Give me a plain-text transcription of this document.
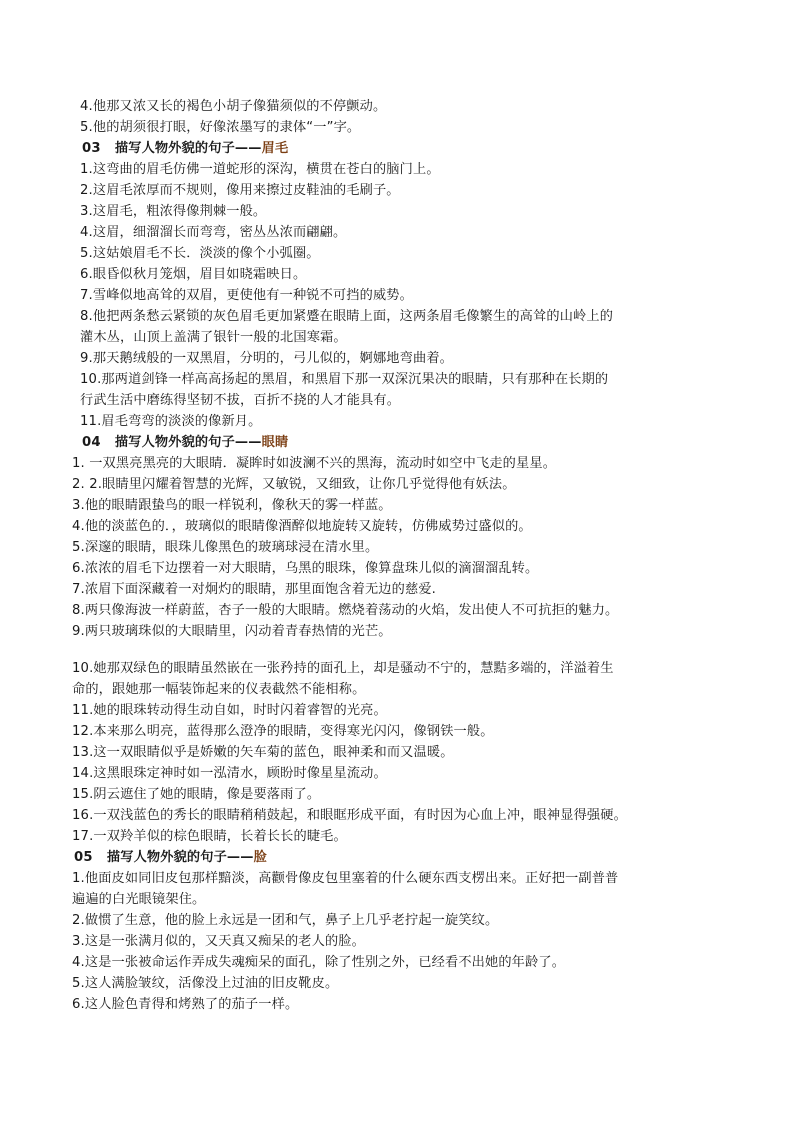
4.他那又浓又长的褐色小胡子像猫须似的不停颤动。
5.他的胡须很打眼，好像浓墨写的隶体“一”字。
03 描写人物外貌的句子——眉毛
1.这弯曲的眉毛仿佛一道蛇形的深沟，横贯在苍白的脑门上。
2.这眉毛浓厚而不规则，像用来擦过皮鞋油的毛刷子。
3.这眉毛，粗浓得像荆棘一般。
4.这眉，细溜溜长而弯弯，密丛丛浓而翩翩。
5.这姑娘眉毛不长．淡淡的像个小弧圈。
6.眼昏似秋月笼烟，眉目如晓霜映日。
7.雪峰似地高耸的双眉，更使他有一种锐不可挡的威势。
8.他把两条愁云紧锁的灰色眉毛更加紧蹙在眼睛上面，这两条眉毛像繁生的高耸的山岭上的
灌木丛，山顶上盖满了银针一般的北国寒霜。
9.那天鹅绒般的一双黑眉，分明的，弓儿似的，婀娜地弯曲着。
10.那两道剑锋一样高高扬起的黑眉，和黑眉下那一双深沉果决的眼睛，只有那种在长期的
行武生活中磨练得坚韧不拔，百折不挠的人才能具有。
11.眉毛弯弯的淡淡的像新月。
04 描写人物外貌的句子——眼睛
1. 一双黑亮黑亮的大眼睛．凝眸时如波澜不兴的黑海，流动时如空中飞走的星星。
2. 2.眼睛里闪耀着智慧的光辉，又敏锐，又细致，让你几乎觉得他有妖法。
3.他的眼睛跟蛰鸟的眼一样锐利，像秋天的雾一样蓝。
4.他的淡蓝色的．，玻璃似的眼睛像酒醉似地旋转又旋转，仿佛威势过盛似的。
5.深邃的眼睛，眼珠儿像黑色的玻璃球浸在清水里。
6.浓浓的眉毛下边摆着一对大眼睛，乌黑的眼珠，像算盘珠儿似的滴溜溜乱转。
7.浓眉下面深藏着一对炯灼的眼睛，那里面饱含着无边的慈爱.
8.两只像海波一样蔚蓝，杏子一般的大眼睛。燃烧着荡动的火焰，发出使人不可抗拒的魅力。
9.两只玻璃珠似的大眼睛里，闪动着青春热情的光芒。
10.她那双绿色的眼睛虽然嵌在一张矜持的面孔上，却是骚动不宁的，慧黠多端的，洋溢着生
命的，跟她那一幅装饰起来的仪表截然不能相称。
11.她的眼珠转动得生动自如，时时闪着睿智的光亮。
12.本来那么明亮，蓝得那么澄净的眼睛，变得寒光闪闪，像钢铁一般。
13.这一双眼睛似乎是娇嫩的矢车菊的蓝色，眼神柔和而又温暖。
14.这黑眼珠定神时如一泓清水，顾盼时像星星流动。
15.阴云遮住了她的眼睛，像是要落雨了。
16.一双浅蓝色的秀长的眼睛稍稍鼓起，和眼眶形成平面，有时因为心血上冲，眼神显得强硬。
17.一双羚羊似的棕色眼睛，长着长长的睫毛。
05 描写人物外貌的句子——脸
1.他面皮如同旧皮包那样黯淡，高颧骨像皮包里塞着的什么硬东西支楞出来。正好把一副普普
遍遍的白光眼镜架住。
2.做惯了生意，他的脸上永远是一团和气，鼻子上几乎老拧起一旋笑纹。
3.这是一张满月似的，又天真又痴呆的老人的脸。
4.这是一张被命运作弄成失魂痴呆的面孔，除了性别之外，已经看不出她的年龄了。
5.这人满脸皱纹，活像没上过油的旧皮靴皮。
6.这人脸色青得和烤熟了的茄子一样。
